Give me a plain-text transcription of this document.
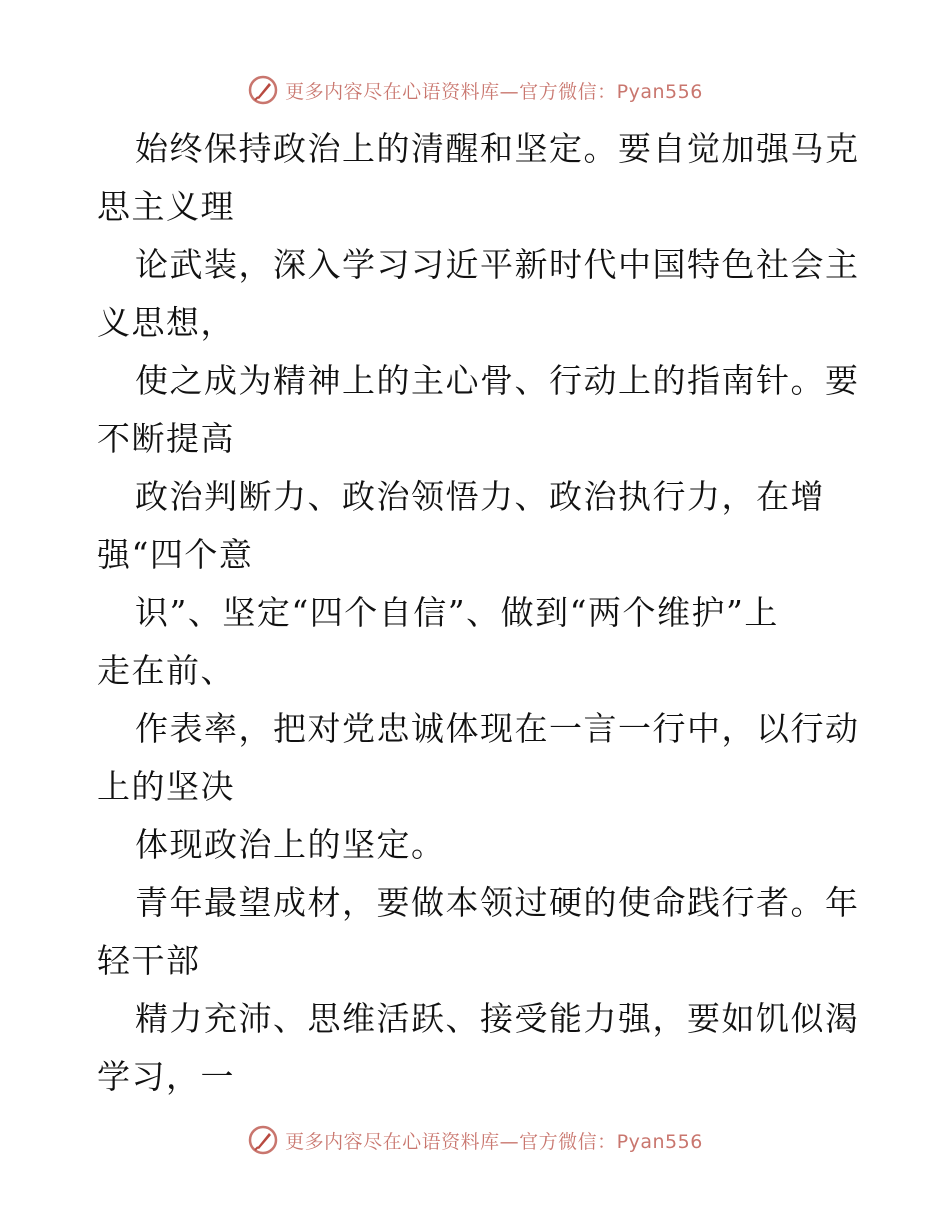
更多内容尽在心语资料库—官方微信：Pyan556
始终保持政治上的清醒和坚定。要自觉加强马克
思主义理
论武装，深入学习习近平新时代中国特色社会主
义思想，
使之成为精神上的主心骨、行动上的指南针。要
不断提高
政治判断力、政治领悟力、政治执行力，在增
强“四个意
识”、坚定“四个自信”、做到“两个维护”上
走在前、
作表率，把对党忠诚体现在一言一行中，以行动
上的坚决
体现政治上的坚定。
青年最望成材，要做本领过硬的使命践行者。年
轻干部
精力充沛、思维活跃、接受能力强，要如饥似渴
学习，一
更多内容尽在心语资料库—官方微信：Pyan556
